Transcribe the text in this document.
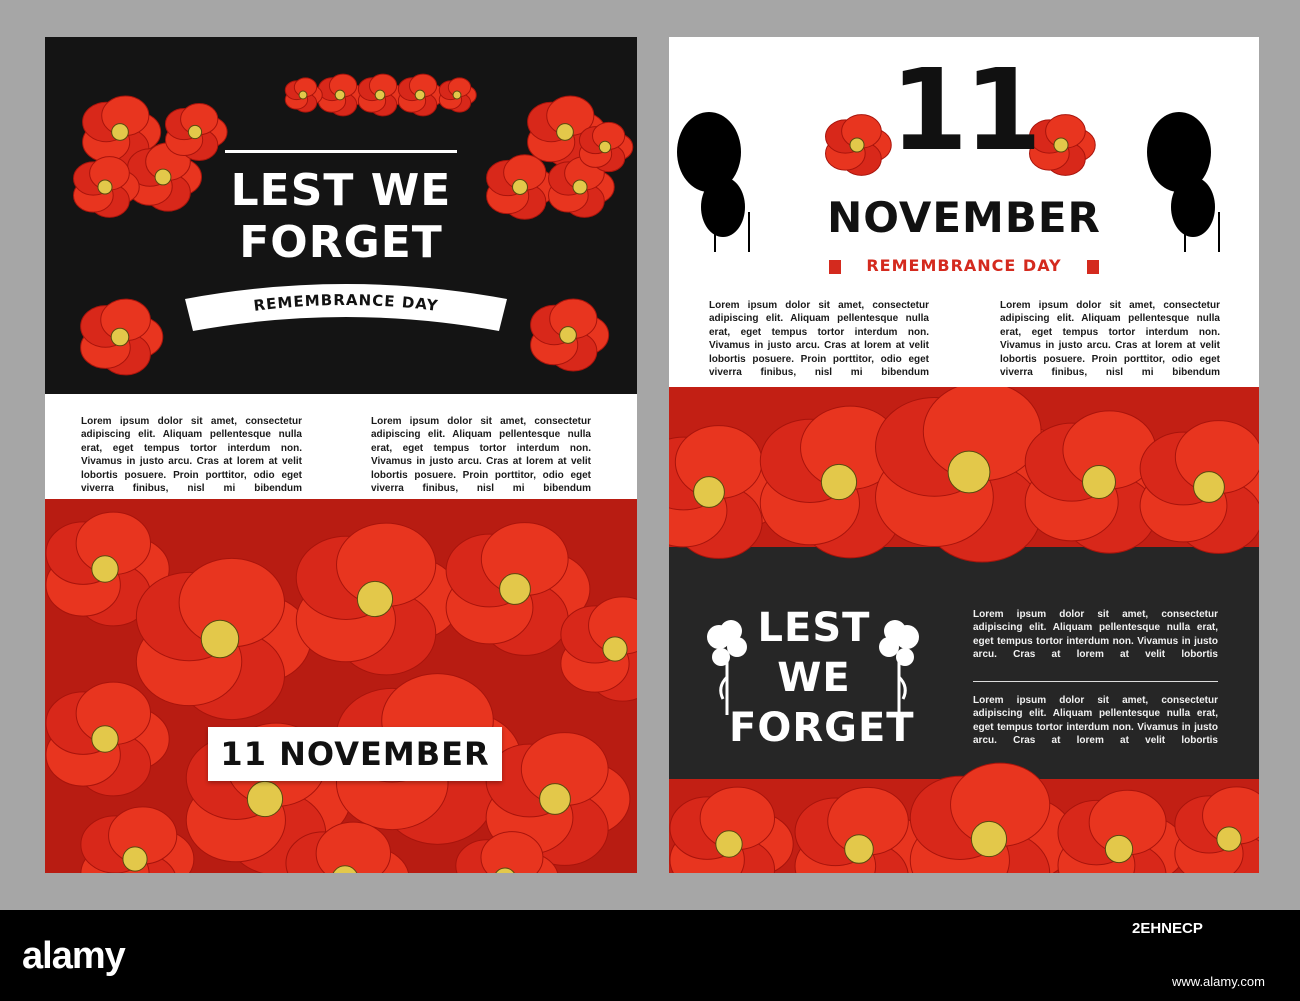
LEST WE
FORGET
REMEMBRANCE DAY
Lorem ipsum dolor sit amet, consectetur adipiscing elit. Aliquam pellentesque nulla erat, eget tempus tortor interdum non. Vivamus in justo arcu. Cras at lorem at velit lobortis posuere. Proin porttitor, odio eget viverra finibus, nisl mi bibendum
Lorem ipsum dolor sit amet, consectetur adipiscing elit. Aliquam pellentesque nulla erat, eget tempus tortor interdum non. Vivamus in justo arcu. Cras at lorem at velit lobortis posuere. Proin porttitor, odio eget viverra finibus, nisl mi bibendum
11 NOVEMBER
11
NOVEMBER
REMEMBRANCE DAY
Lorem ipsum dolor sit amet, consectetur adipiscing elit. Aliquam pellentesque nulla erat, eget tempus tortor interdum non. Vivamus in justo arcu. Cras at lorem at velit lobortis posuere. Proin porttitor, odio eget viverra finibus, nisl mi bibendum
Lorem ipsum dolor sit amet, consectetur adipiscing elit. Aliquam pellentesque nulla erat, eget tempus tortor interdum non. Vivamus in justo arcu. Cras at lorem at velit lobortis posuere. Proin porttitor, odio eget viverra finibus, nisl mi bibendum
LEST
WE
FORGET
Lorem ipsum dolor sit amet, consectetur adipiscing elit. Aliquam pellentesque nulla erat, eget tempus tortor interdum non. Vivamus in justo arcu. Cras at lorem at velit lobortis
Lorem ipsum dolor sit amet, consectetur adipiscing elit. Aliquam pellentesque nulla erat, eget tempus tortor interdum non. Vivamus in justo arcu. Cras at lorem at velit lobortis
alamy
2EHNECP
www.alamy.com
